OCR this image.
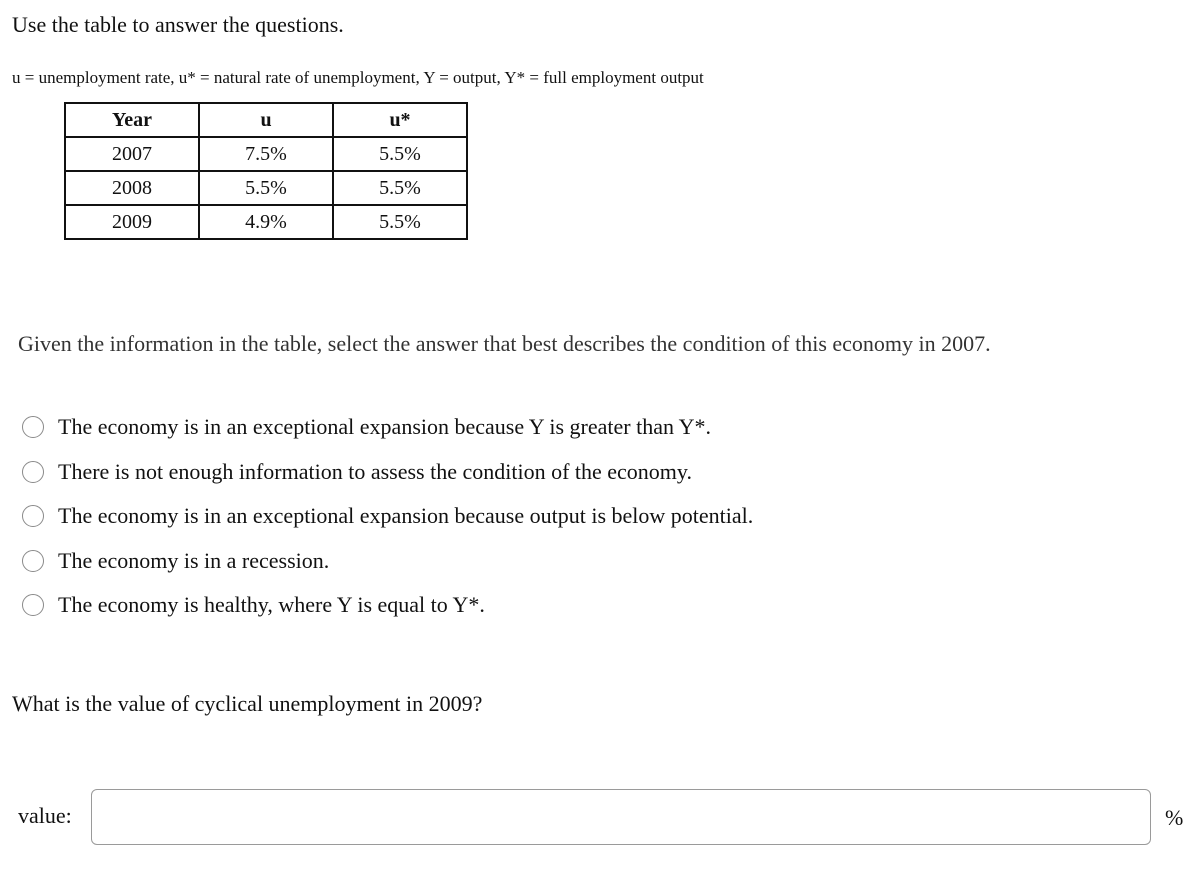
Use the table to answer the questions.

u = unemployment rate, u* = natural rate of unemployment, Y = output, Y* = full employment output

Year	u	u*
2007	7.5%	5.5%
2008	5.5%	5.5%
2009	4.9%	5.5%

Given the information in the table, select the answer that best describes the condition of this economy in 2007.

The economy is in an exceptional expansion because Y is greater than Y*.
There is not enough information to assess the condition of the economy.
The economy is in an exceptional expansion because output is below potential.
The economy is in a recession.
The economy is healthy, where Y is equal to Y*.

What is the value of cyclical unemployment in 2009?

value:	%
